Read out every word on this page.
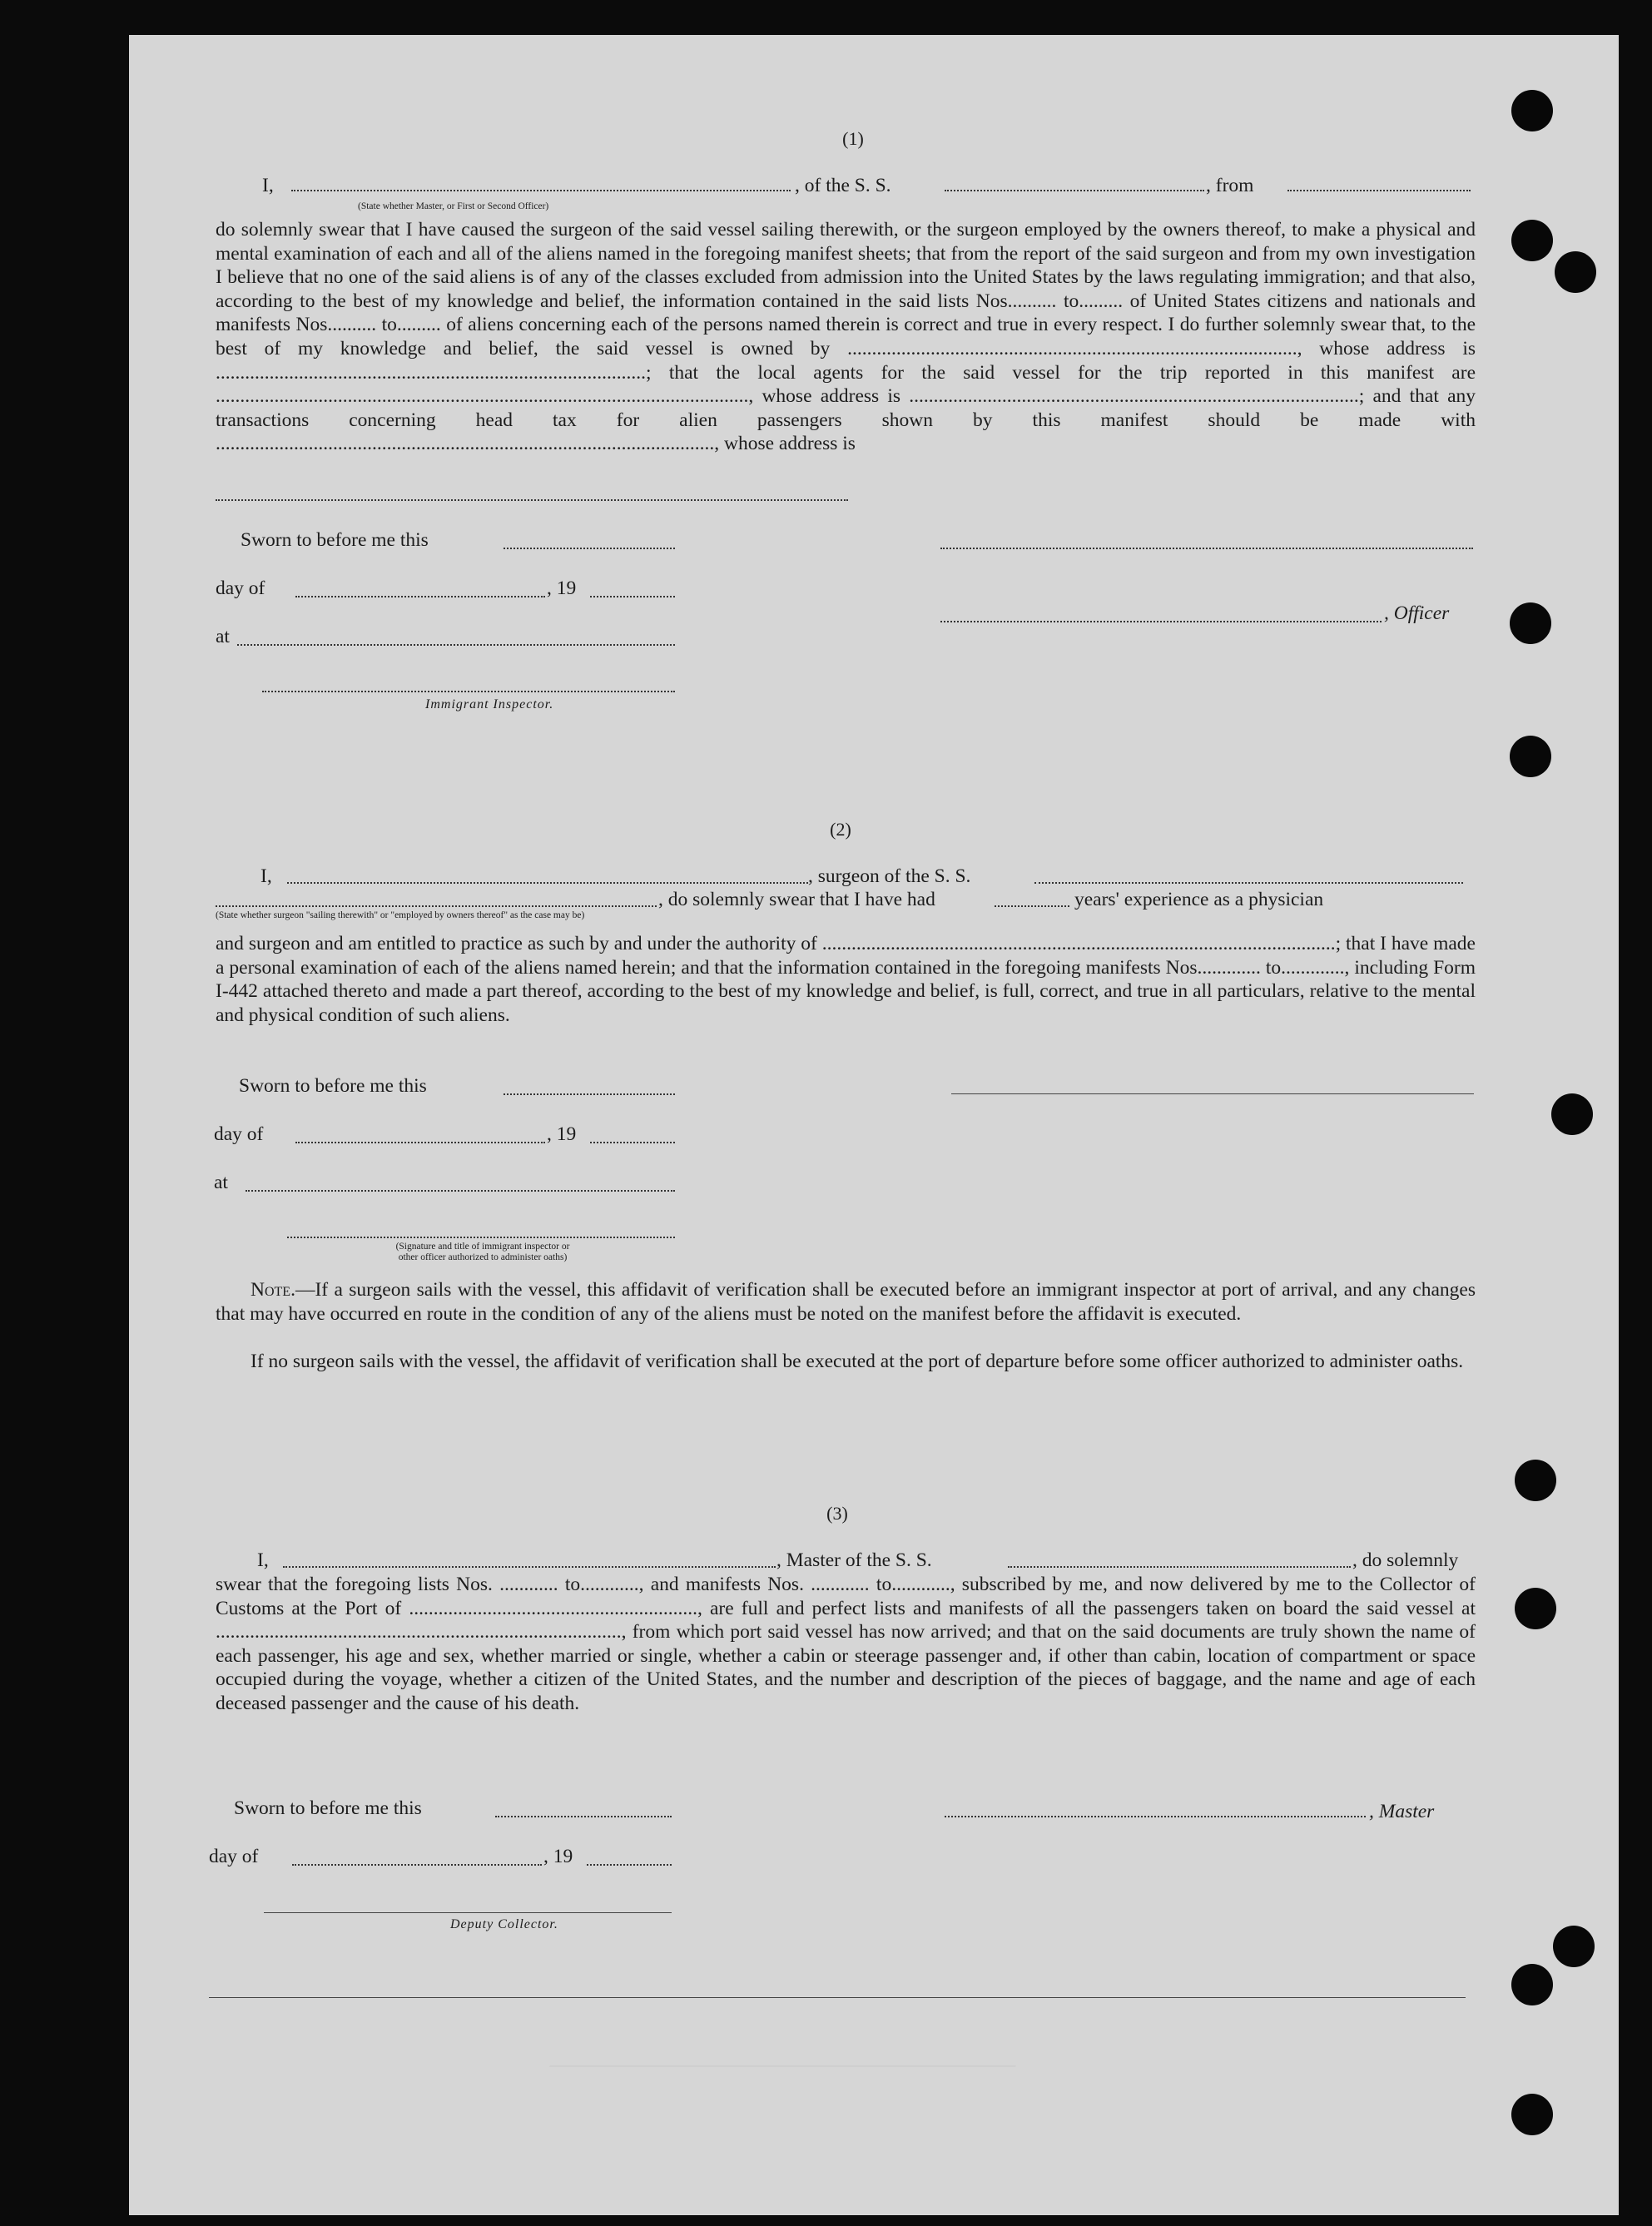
(1)
I,
(State whether Master, or First or Second Officer)
, of the S. S.	, from
do solemnly swear that I have caused the surgeon of the said vessel sailing therewith, or the surgeon employed by the owners thereof, to make a physical and mental examination of each and all of the aliens named in the foregoing manifest sheets; that from the report of the said surgeon and from my own investigation I believe that no one of the said aliens is of any of the classes excluded from admission into the United States by the laws regulating immigration; and that also, according to the best of my knowledge and belief, the information contained in the said lists Nos.......... to......... of United States citizens and nationals and manifests Nos.......... to......... of aliens concerning each of the persons named therein is correct and true in every respect. I do further solemnly swear that, to the best of my knowledge and belief, the said vessel is owned by ............................................................................................, whose address is ........................................................................................; that the local agents for the said vessel for the trip reported in this manifest are ............................................................................................................., whose address is ............................................................................................; and that any transactions concerning head tax for alien passengers shown by this manifest should be made with ......................................................................................................, whose address is
Sworn to before me this
day of	, 19
, Officer
at
Immigrant Inspector.
(2)
I,	, surgeon of the S. S.
, do solemnly swear that I have had	years' experience as a physician
(State whether surgeon "sailing therewith" or "employed by owners thereof" as the case may be)
and surgeon and am entitled to practice as such by and under the authority of .........................................................................................................; that I have made a personal examination of each of the aliens named herein; and that the information contained in the foregoing manifests Nos............. to............., including Form I-442 attached thereto and made a part thereof, according to the best of my knowledge and belief, is full, correct, and true in all particulars, relative to the mental and physical condition of such aliens.
Sworn to before me this
day of	, 19
at
(Signature and title of immigrant inspector or
other officer authorized to administer oaths)
Note.—If a surgeon sails with the vessel, this affidavit of verification shall be executed before an immigrant inspector at port of arrival, and any changes that may have occurred en route in the condition of any of the aliens must be noted on the manifest before the affidavit is executed.
If no surgeon sails with the vessel, the affidavit of verification shall be executed at the port of departure before some officer authorized to administer oaths.
(3)
I,	, Master of the S. S.	, do solemnly
swear that the foregoing lists Nos. ............ to............, and manifests Nos. ............ to............, subscribed by me, and now delivered by me to the Collector of Customs at the Port of ..........................................................., are full and perfect lists and manifests of all the passengers taken on board the said vessel at ..................................................................................., from which port said vessel has now arrived; and that on the said documents are truly shown the name of each passenger, his age and sex, whether married or single, whether a cabin or steerage passenger and, if other than cabin, location of compartment or space occupied during the voyage, whether a citizen of the United States, and the number and description of the pieces of baggage, and the name and age of each deceased passenger and the cause of his death.
Sworn to before me this	, Master
day of	, 19
Deputy Collector.
